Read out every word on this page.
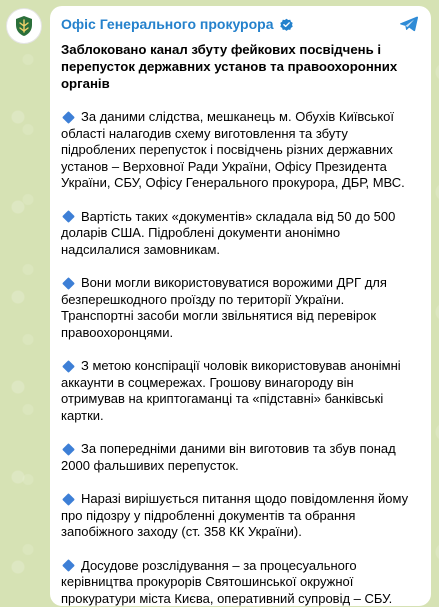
Офіс Генерального прокурора
Заблоковано канал збуту фейкових посвідчень і перепусток державних установ та правоохоронних органів
За даними слідства, мешканець м. Обухів Київської області налагодив схему виготовлення та збуту підроблених перепусток і посвідчень різних державних установ – Верховної Ради України, Офісу Президента України, СБУ, Офісу Генерального прокурора, ДБР, МВС.
Вартість таких «документів» складала від 50 до 500 доларів США. Підроблені документи анонімно надсилалися замовникам.
Вони могли використовуватися ворожими ДРГ для безперешкодного проїзду по території України. Транспортні засоби могли звільнятися від перевірок правоохоронцями.
З метою конспірації чоловік використовував анонімні аккаунти в соцмережах. Грошову винагороду він отримував на криптогаманці та «підставні» банківські картки.
За попередніми даними він виготовив та збув понад 2000 фальшивих перепусток.
Наразі вирішується питання щодо повідомлення йому про підозру у підробленні документів та обрання запобіжного заходу (ст. 358 КК України).
Досудове розслідування – за процесуального керівництва прокурорів Святошинської окружної прокуратури міста Києва, оперативний супровід – СБУ.
